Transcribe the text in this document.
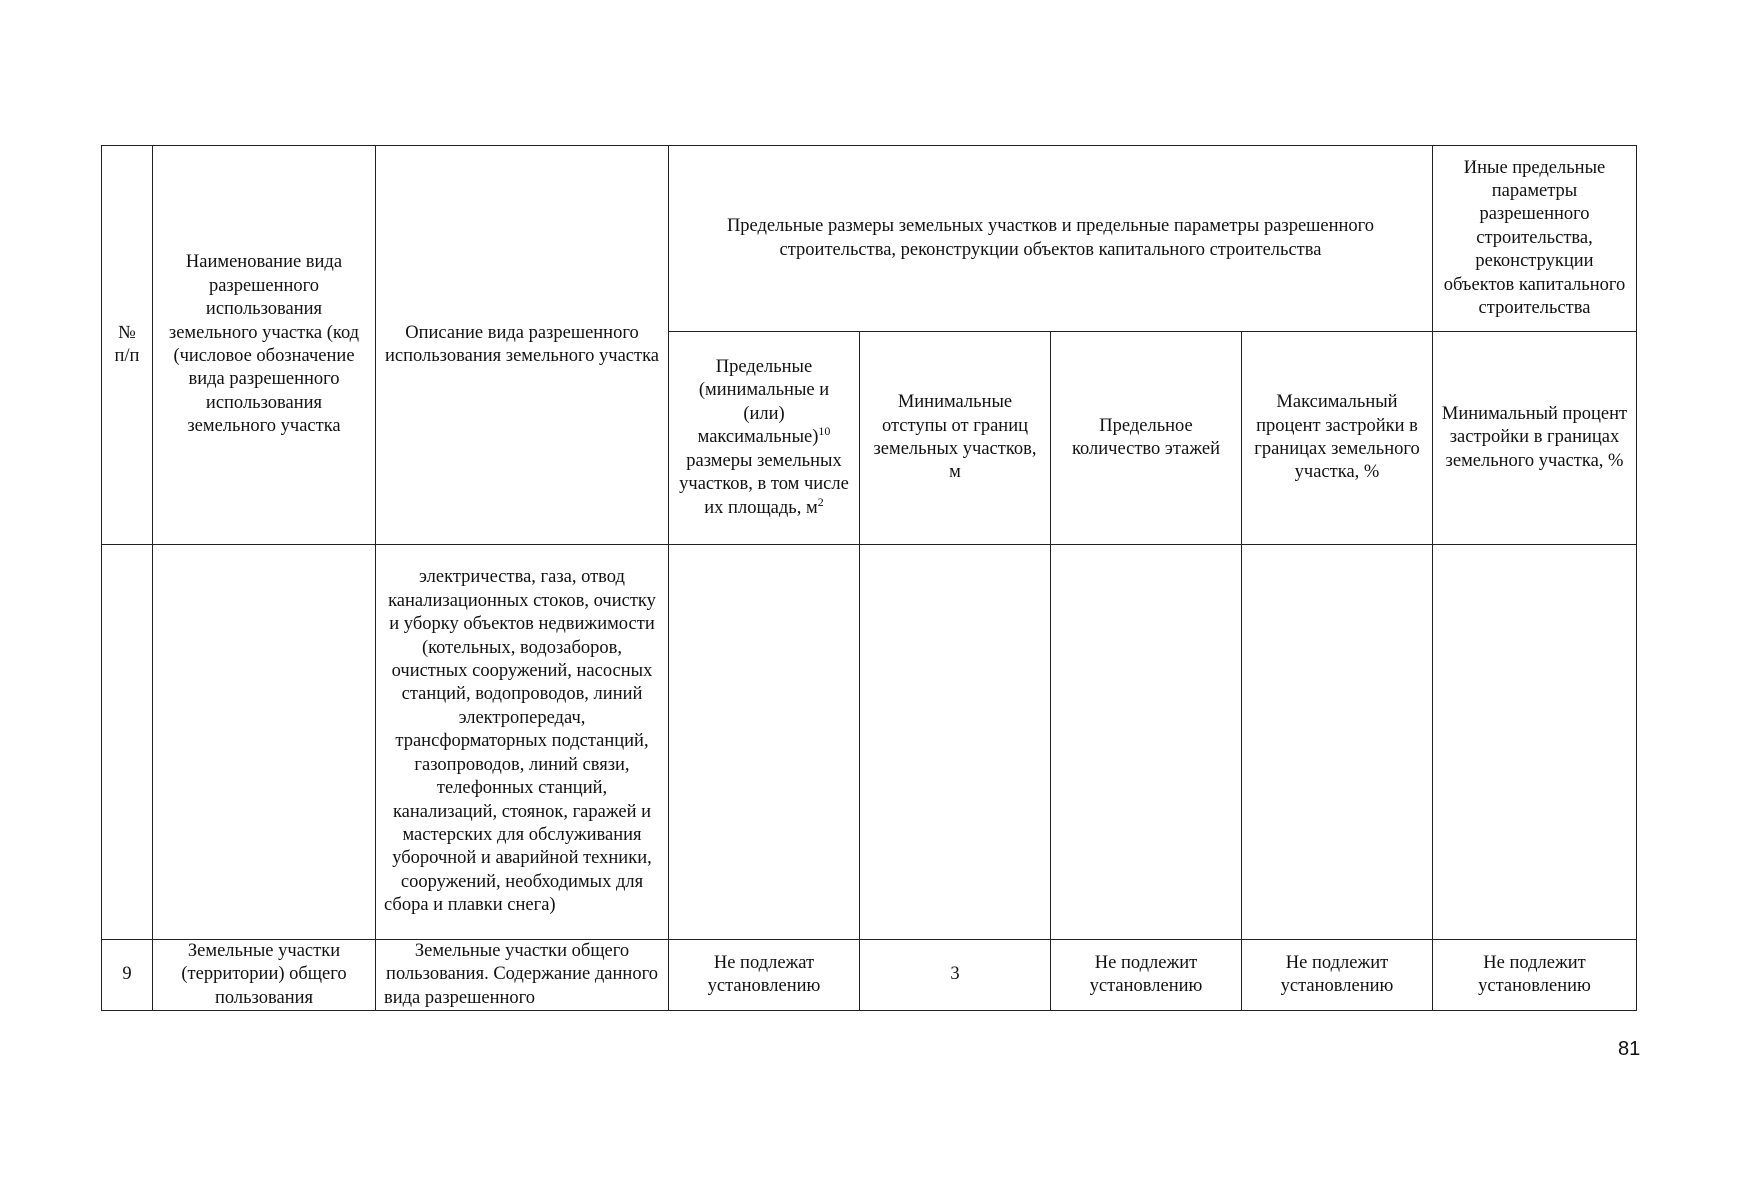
№ п/п	Наименование вида разрешенного использования земельного участка (код (числовое обозначение вида разрешенного использования земельного участка	Описание вида разрешенного использования земельного участка	Предельные размеры земельных участков и предельные параметры разрешенного строительства, реконструкции объектов капитального строительства				Иные предельные параметры разрешенного строительства, реконструкции объектов капитального строительства
			Предельные (минимальные и (или) максимальные)$^{10}$ размеры земельных участков, в том числе их площадь, $м^2$	Минимальные отступы от границ земельных участков, м	Предельное количество этажей	Максимальный процент застройки в границах земельного участка, %	Минимальный процент застройки в границах земельного участка, %

		электричества, газа, отвод канализационных стоков, очистку и уборку объектов недвижимости (котельных, водозаборов, очистных сооружений, насосных станций, водопроводов, линий электропередач, трансформаторных подстанций, газопроводов, линий связи, телефонных станций, канализаций, стоянок, гаражей и мастерских для обслуживания уборочной и аварийной техники, сооружений, необходимых для сбора и плавки снега)					

9	Земельные участки (территории) общего пользования	Земельные участки общего пользования. Содержание данного вида разрешенного	Не подлежат установлению	3	Не подлежит установлению	Не подлежит установлению	Не подлежит установлению
81
